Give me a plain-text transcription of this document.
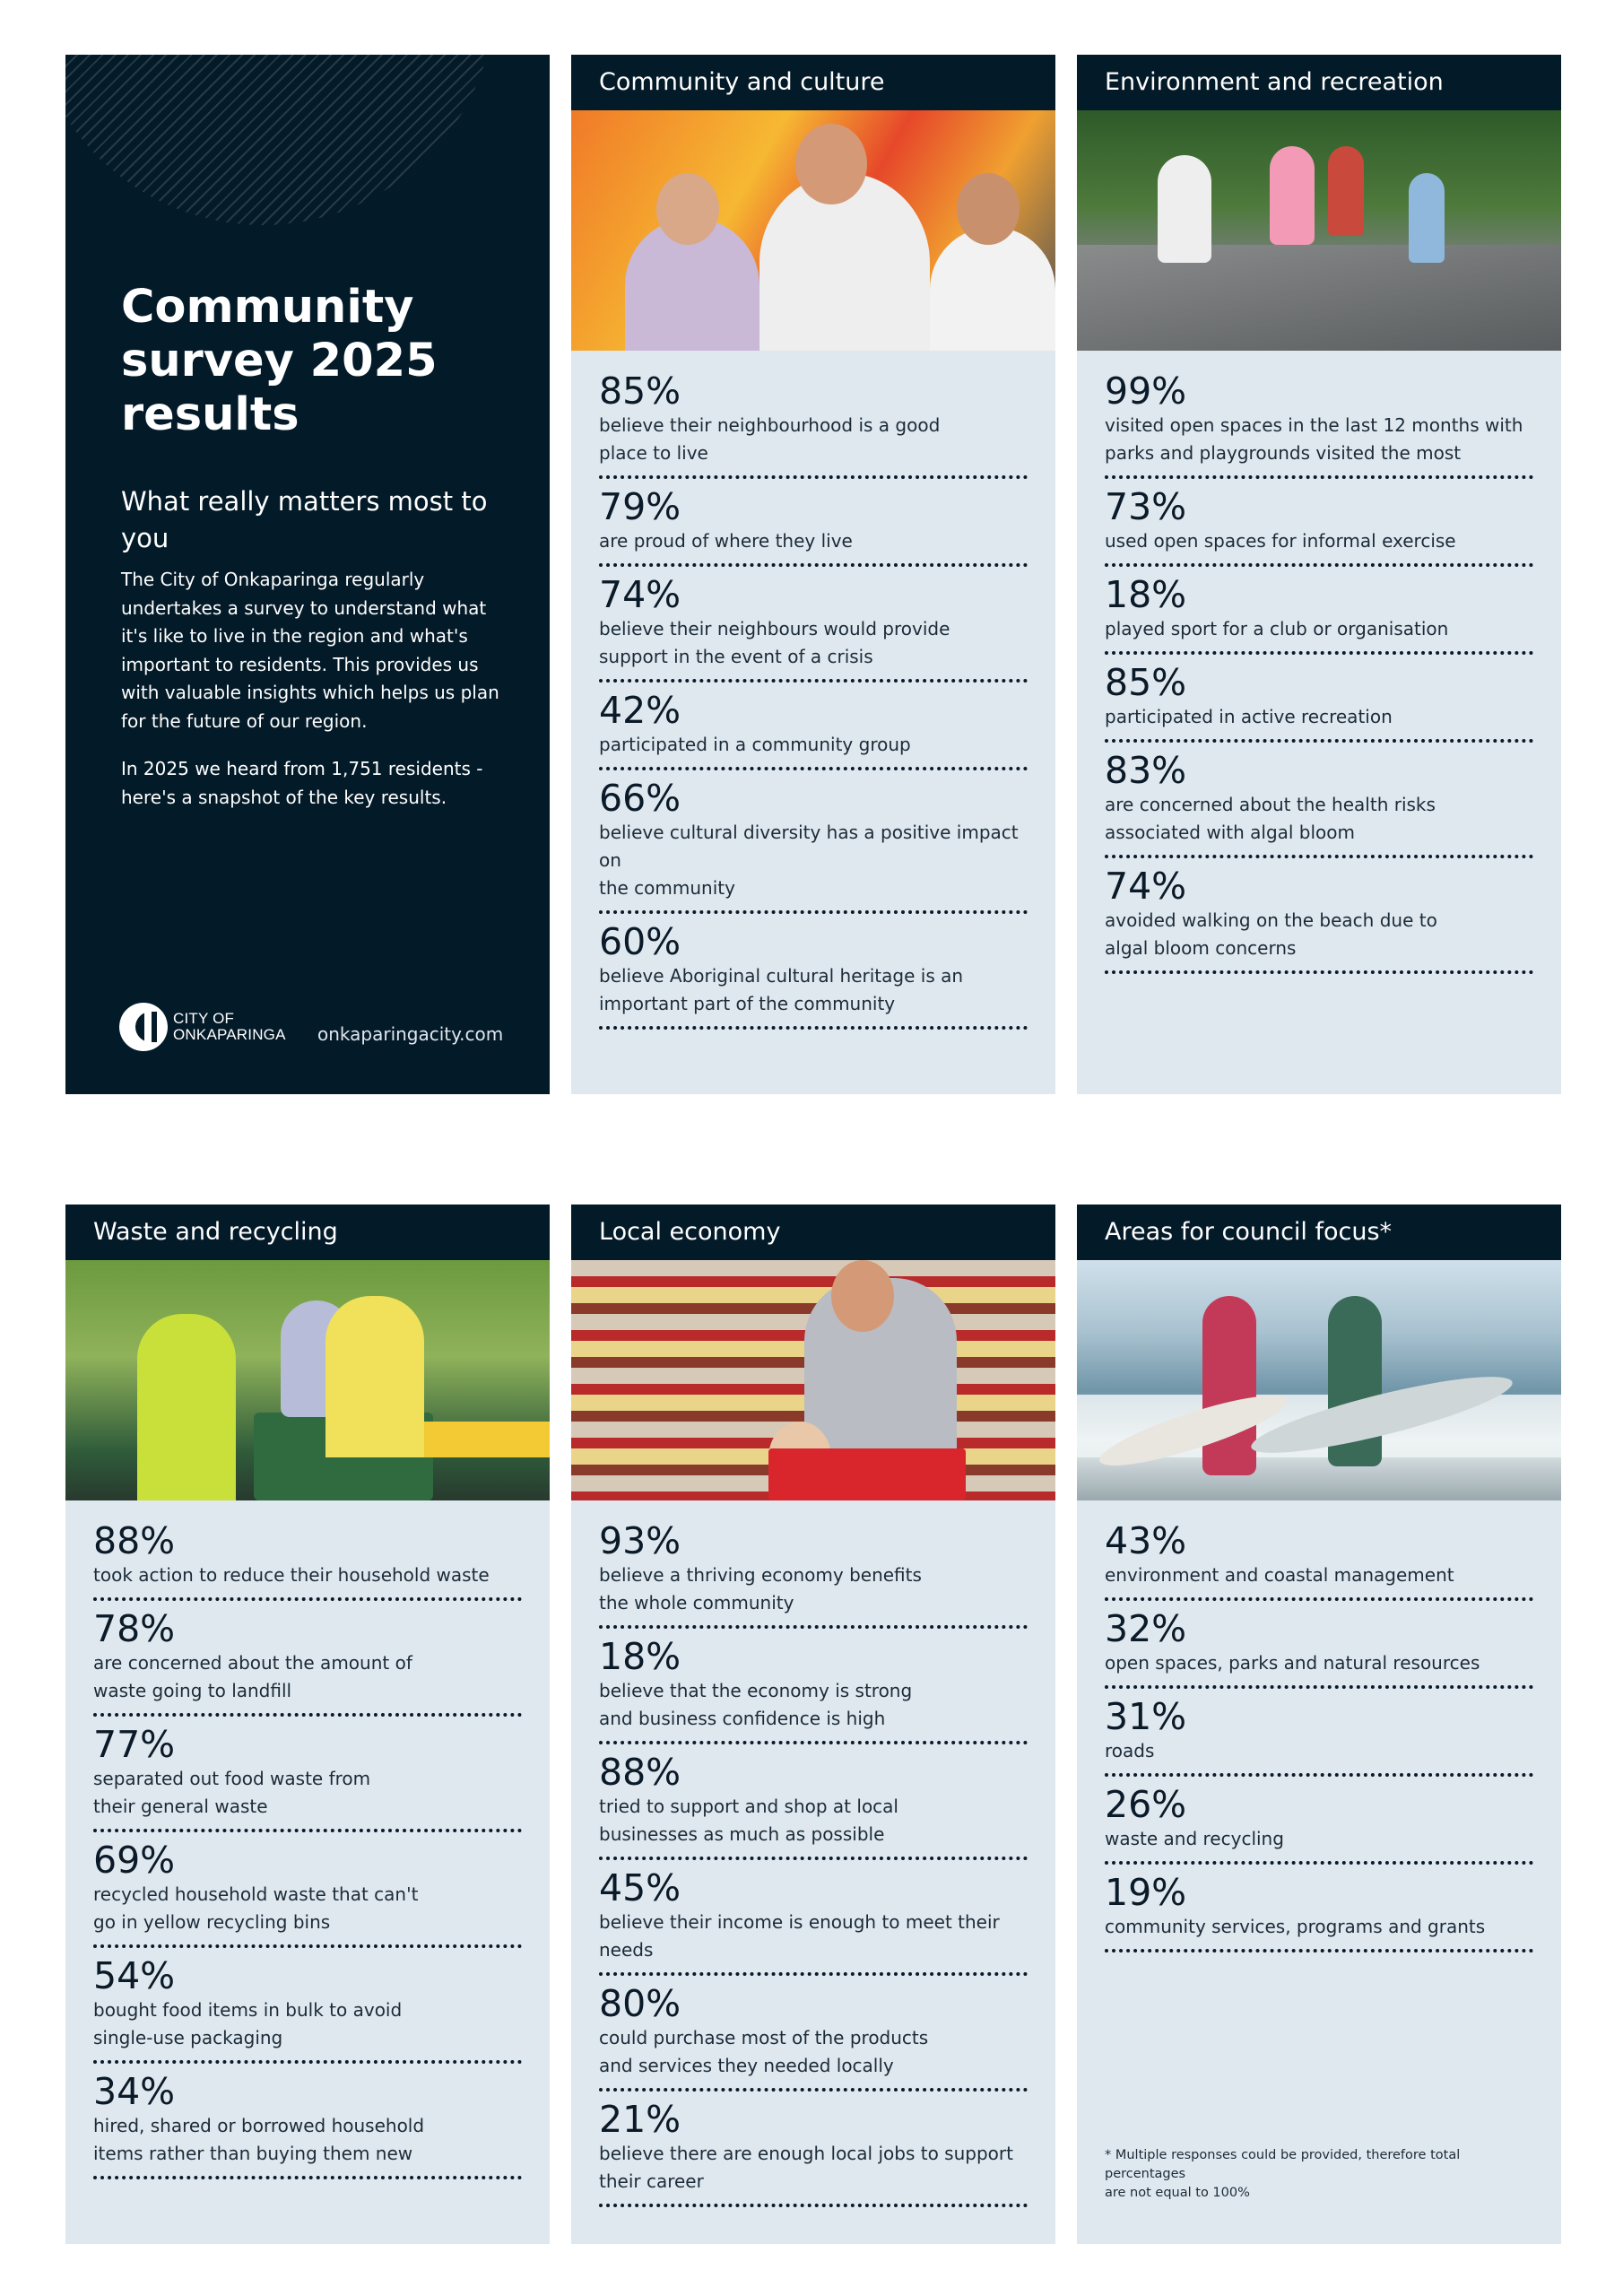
Community survey 2025 results
What really matters most to you

The City of Onkaparinga regularly undertakes a survey to understand what it's like to live in the region and what's important to residents. This provides us with valuable insights which helps us plan for the future of our region.

In 2025 we heard from 1,751 residents - here's a snapshot of the key results.

CITY OF
ONKAPARINGA onkaparingacity.com
Community and culture
85%
believe their neighbourhood is a good
place to live
79%
are proud of where they live
74%
believe their neighbours would provide
support in the event of a crisis
42%
participated in a community group
66%
believe cultural diversity has a positive impact on
the community
60%
believe Aboriginal cultural heritage is an
important part of the community
Environment and recreation
99%
visited open spaces in the last 12 months with
parks and playgrounds visited the most
73%
used open spaces for informal exercise
18%
played sport for a club or organisation
85%
participated in active recreation
83%
are concerned about the health risks
associated with algal bloom
74%
avoided walking on the beach due to
algal bloom concerns
Waste and recycling
88%
took action to reduce their household waste
78%
are concerned about the amount of
waste going to landfill
77%
separated out food waste from
their general waste
69%
recycled household waste that can't
go in yellow recycling bins
54%
bought food items in bulk to avoid
single-use packaging
34%
hired, shared or borrowed household
items rather than buying them new
Local economy
93%
believe a thriving economy benefits
the whole community
18%
believe that the economy is strong
and business confidence is high
88%
tried to support and shop at local
businesses as much as possible
45%
believe their income is enough to meet their needs
80%
could purchase most of the products
and services they needed locally
21%
believe there are enough local jobs to support
their career
Areas for council focus*
43%
environment and coastal management
32%
open spaces, parks and natural resources
31%
roads
26%
waste and recycling
19%
community services, programs and grants
* Multiple responses could be provided, therefore total percentages
are not equal to 100%
